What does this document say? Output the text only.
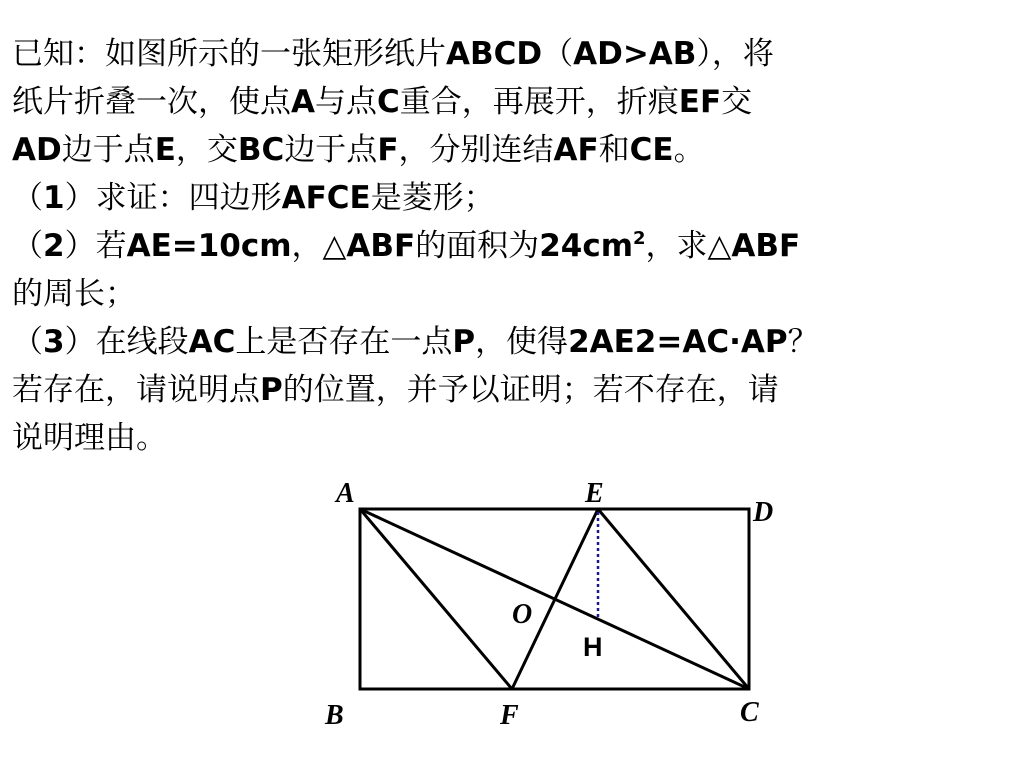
已知：如图所示的一张矩形纸片ABCD（AD>AB），将
纸片折叠一次，使点A与点C重合，再展开，折痕EF交
AD边于点E，交BC边于点F，分别连结AF和CE。
（1）求证：四边形AFCE是菱形；
（2）若AE=10cm，△ABF的面积为$24cm^2$，求△ABF
的周长；
（3）在线段AC上是否存在一点P，使得2AE2=AC·AP？
若存在，请说明点P的位置，并予以证明；若不存在，请
说明理由。
A	E
D
O
H
B	F	C
